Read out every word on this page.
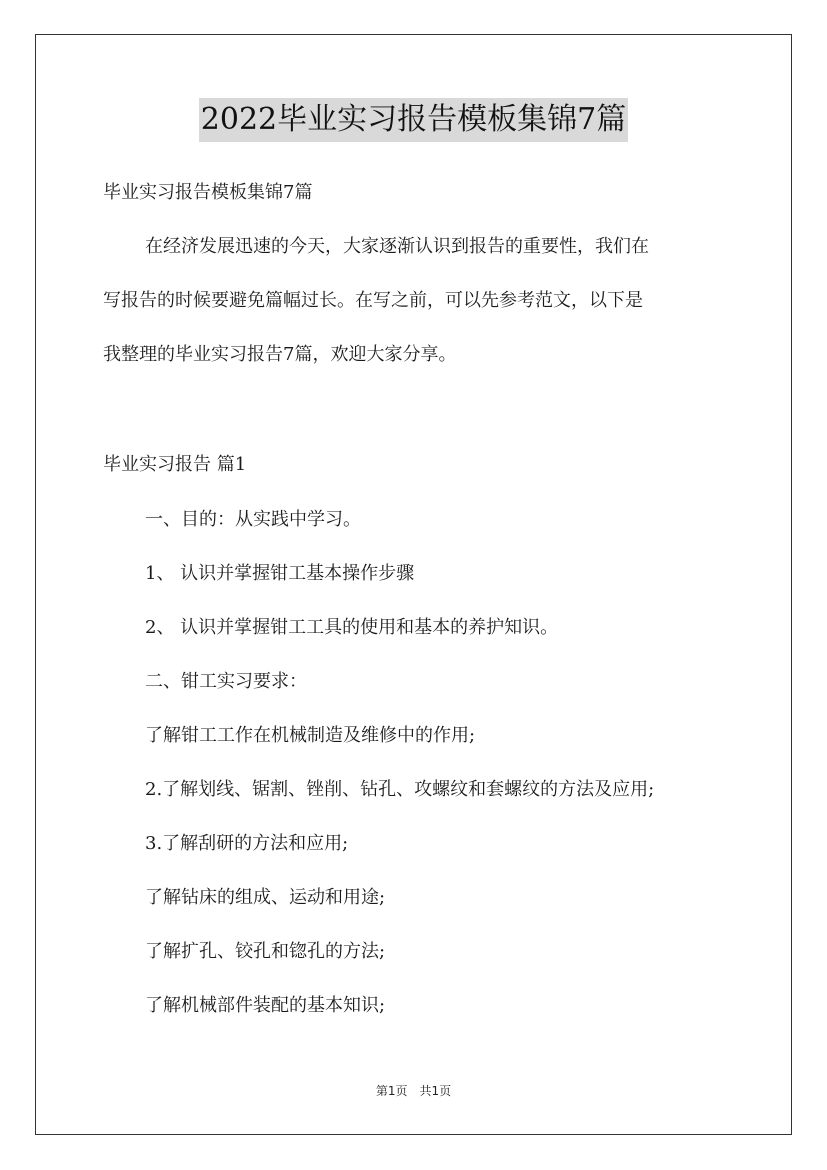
2022毕业实习报告模板集锦7篇
毕业实习报告模板集锦7篇
在经济发展迅速的今天，大家逐渐认识到报告的重要性，我们在
写报告的时候要避免篇幅过长。在写之前，可以先参考范文，以下是
我整理的毕业实习报告7篇，欢迎大家分享。
毕业实习报告 篇1
一、目的：从实践中学习。
1、 认识并掌握钳工基本操作步骤
2、 认识并掌握钳工工具的使用和基本的养护知识。
二、钳工实习要求：
了解钳工工作在机械制造及维修中的作用;
2.了解划线、锯割、锉削、钻孔、攻螺纹和套螺纹的方法及应用;
3.了解刮研的方法和应用;
了解钻床的组成、运动和用途;
了解扩孔、铰孔和锪孔的方法;
了解机械部件装配的基本知识;
第1页　共1页
